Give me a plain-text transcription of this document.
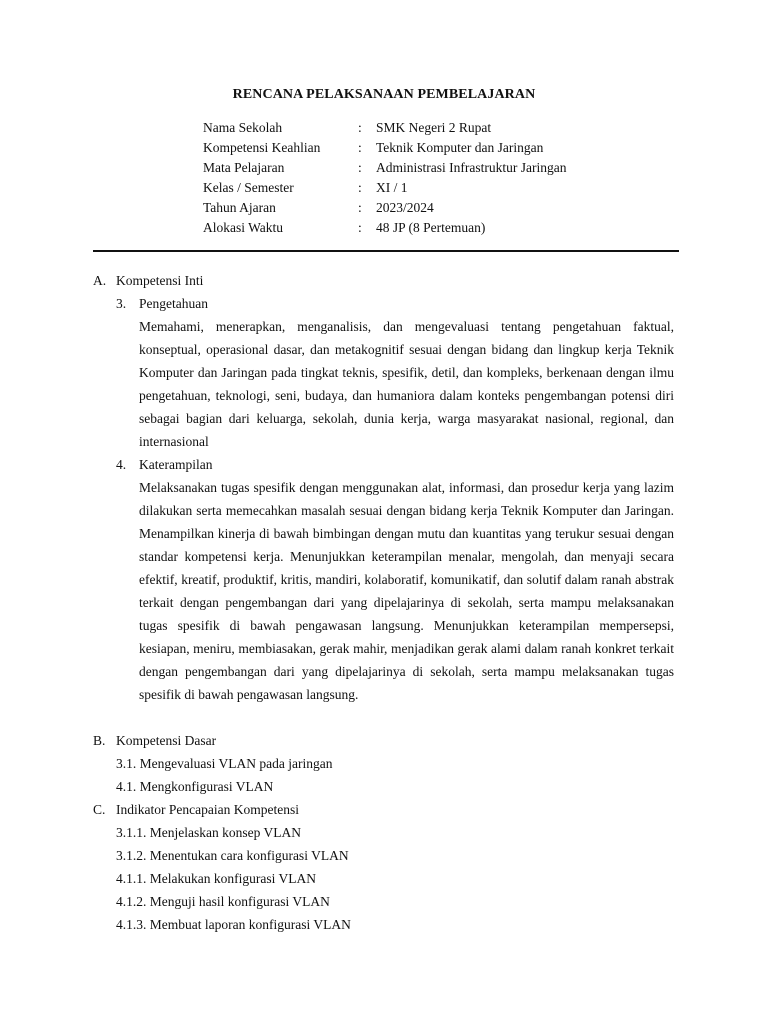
RENCANA PELAKSANAAN PEMBELAJARAN
Nama Sekolah	:	SMK Negeri 2 Rupat
Kompetensi Keahlian	:	Teknik Komputer dan Jaringan
Mata Pelajaran	:	Administrasi Infrastruktur Jaringan
Kelas / Semester	:	XI / 1
Tahun Ajaran	:	2023/2024
Alokasi Waktu	:	48 JP (8 Pertemuan)
A. Kompetensi Inti
3. Pengetahuan
Memahami, menerapkan, menganalisis, dan mengevaluasi tentang pengetahuan faktual, konseptual, operasional dasar, dan metakognitif sesuai dengan bidang dan lingkup kerja Teknik Komputer dan Jaringan pada tingkat teknis, spesifik, detil, dan kompleks, berkenaan dengan ilmu pengetahuan, teknologi, seni, budaya, dan humaniora dalam konteks pengembangan potensi diri sebagai bagian dari keluarga, sekolah, dunia kerja, warga masyarakat nasional, regional, dan internasional
4. Katerampilan
Melaksanakan tugas spesifik dengan menggunakan alat, informasi, dan prosedur kerja yang lazim dilakukan serta memecahkan masalah sesuai dengan bidang kerja Teknik Komputer dan Jaringan. Menampilkan kinerja di bawah bimbingan dengan mutu dan kuantitas yang terukur sesuai dengan standar kompetensi kerja. Menunjukkan keterampilan menalar, mengolah, dan menyaji secara efektif, kreatif, produktif, kritis, mandiri, kolaboratif, komunikatif, dan solutif dalam ranah abstrak terkait dengan pengembangan dari yang dipelajarinya di sekolah, serta mampu melaksanakan tugas spesifik di bawah pengawasan langsung. Menunjukkan keterampilan mempersepsi, kesiapan, meniru, membiasakan, gerak mahir, menjadikan gerak alami dalam ranah konkret terkait dengan pengembangan dari yang dipelajarinya di sekolah, serta mampu melaksanakan tugas spesifik di bawah pengawasan langsung.
B. Kompetensi Dasar
3.1. Mengevaluasi VLAN pada jaringan
4.1. Mengkonfigurasi VLAN
C. Indikator Pencapaian Kompetensi
3.1.1. Menjelaskan konsep VLAN
3.1.2. Menentukan cara konfigurasi VLAN
4.1.1. Melakukan konfigurasi VLAN
4.1.2. Menguji hasil konfigurasi VLAN
4.1.3. Membuat laporan konfigurasi VLAN
